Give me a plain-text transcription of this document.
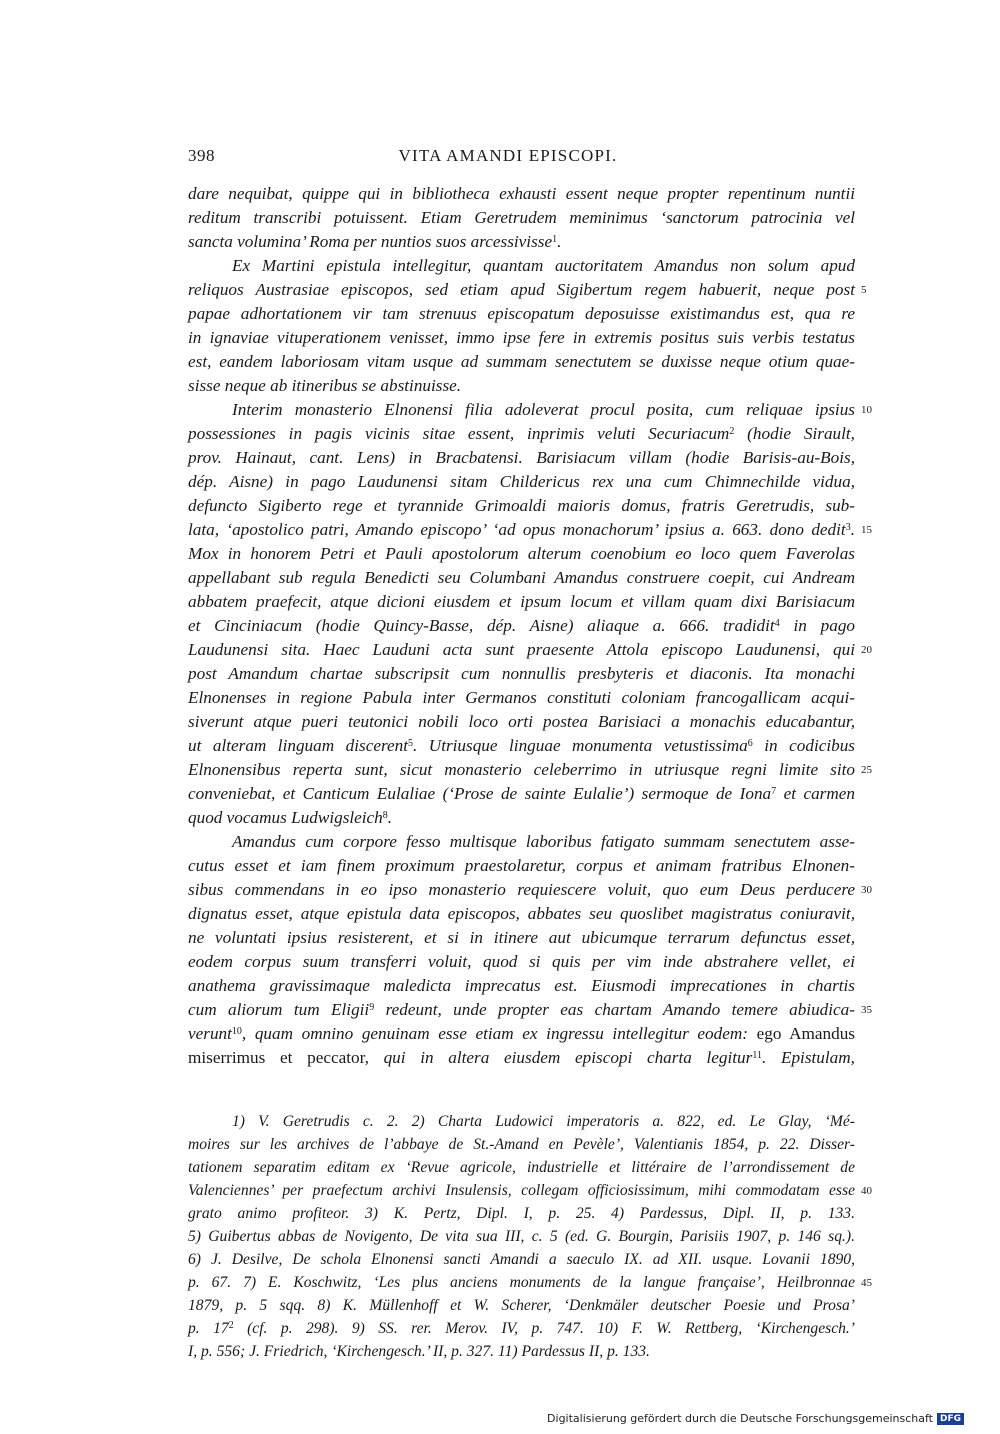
398	VITA AMANDI EPISCOPI.
dare nequibat, quippe qui in bibliotheca exhausti essent neque propter repentinum nuntii
reditum transcribi potuissent. Etiam Geretrudem meminimus ‘sanctorum patrocinia vel
sancta volumina’ Roma per nuntios suos arcessivisse$^1$.
Ex Martini epistula intellegitur, quantam auctoritatem Amandus non solum apud
reliquos Austrasiae episcopos, sed etiam apud Sigibertum regem habuerit, neque post
papae adhortationem vir tam strenuus episcopatum deposuisse existimandus est, qua re
in ignaviae vituperationem venisset, immo ipse fere in extremis positus suis verbis testatus
est, eandem laboriosam vitam usque ad summam senectutem se duxisse neque otium quae-
sisse neque ab itineribus se abstinuisse.
Interim monasterio Elnonensi filia adoleverat procul posita, cum reliquae ipsius
possessiones in pagis vicinis sitae essent, inprimis veluti Securiacum$^2$ (hodie Sirault,
prov. Hainaut, cant. Lens) in Bracbatensi. Barisiacum villam (hodie Barisis-au-Bois,
dép. Aisne) in pago Laudunensi sitam Childericus rex una cum Chimnechilde vidua,
defuncto Sigiberto rege et tyrannide Grimoaldi maioris domus, fratris Geretrudis, sub-
lata, ‘apostolico patri, Amando episcopo’ ‘ad opus monachorum’ ipsius a. 663. dono dedit$^3$.
Mox in honorem Petri et Pauli apostolorum alterum coenobium eo loco quem Faverolas
appellabant sub regula Benedicti seu Columbani Amandus construere coepit, cui Andream
abbatem praefecit, atque dicioni eiusdem et ipsum locum et villam quam dixi Barisiacum
et Cinciniacum (hodie Quincy-Basse, dép. Aisne) aliaque a. 666. tradidit$^4$ in pago
Laudunensi sita. Haec Lauduni acta sunt praesente Attola episcopo Laudunensi, qui
post Amandum chartae subscripsit cum nonnullis presbyteris et diaconis. Ita monachi
Elnonenses in regione Pabula inter Germanos constituti coloniam francogallicam acqui-
siverunt atque pueri teutonici nobili loco orti postea Barisiaci a monachis educabantur,
ut alteram linguam discerent$^5$. Utriusque linguae monumenta vetustissima$^6$ in codicibus
Elnonensibus reperta sunt, sicut monasterio celeberrimo in utriusque regni limite sito
conveniebat, et Canticum Eulaliae (‘Prose de sainte Eulalie’) sermoque de Iona$^7$ et carmen
quod vocamus Ludwigsleich$^8$.
Amandus cum corpore fesso multisque laboribus fatigato summam senectutem asse-
cutus esset et iam finem proximum praestolaretur, corpus et animam fratribus Elnonen-
sibus commendans in eo ipso monasterio requiescere voluit, quo eum Deus perducere
dignatus esset, atque epistula data episcopos, abbates seu quoslibet magistratus coniuravit,
ne voluntati ipsius resisterent, et si in itinere aut ubicumque terrarum defunctus esset,
eodem corpus suum transferri voluit, quod si quis per vim inde abstrahere vellet, ei
anathema gravissimaque maledicta imprecatus est. Eiusmodi imprecationes in chartis
cum aliorum tum Eligii$^9$ redeunt, unde propter eas chartam Amando temere abiudica-
verunt$^{10}$, quam omnino genuinam esse etiam ex ingressu intellegitur eodem: ego Amandus
miserrimus et peccator, qui in altera eiusdem episcopi charta legitur$^{11}$. Epistulam,
5
10
15
20
25
30
35
1) V. Geretrudis c. 2. 2) Charta Ludowici imperatoris a. 822, ed. Le Glay, ‘Mé-
moires sur les archives de l’abbaye de St.-Amand en Pevèle’, Valentianis 1854, p. 22. Disser-
tationem separatim editam ex ‘Revue agricole, industrielle et littéraire de l’arrondissement de
Valenciennes’ per praefectum archivi Insulensis, collegam officiosissimum, mihi commodatam esse
grato animo profiteor. 3) K. Pertz, Dipl. I, p. 25. 4) Pardessus, Dipl. II, p. 133.
5) Guibertus abbas de Novigento, De vita sua III, c. 5 (ed. G. Bourgin, Parisiis 1907, p. 146 sq.).
6) J. Desilve, De schola Elnonensi sancti Amandi a saeculo IX. ad XII. usque. Lovanii 1890,
p. 67. 7) E. Koschwitz, ‘Les plus anciens monuments de la langue française’, Heilbronnae
1879, p. 5 sqq. 8) K. Müllenhoff et W. Scherer, ‘Denkmäler deutscher Poesie und Prosa’
p. $17^2$ (cf. p. 298). 9) SS. rer. Merov. IV, p. 747. 10) F. W. Rettberg, ‘Kirchengesch.’
I, p. 556; J. Friedrich, ‘Kirchengesch.’ II, p. 327. 11) Pardessus II, p. 133.
40
45
Digitalisierung gefördert durch die Deutsche Forschungsgemeinschaft DFG
